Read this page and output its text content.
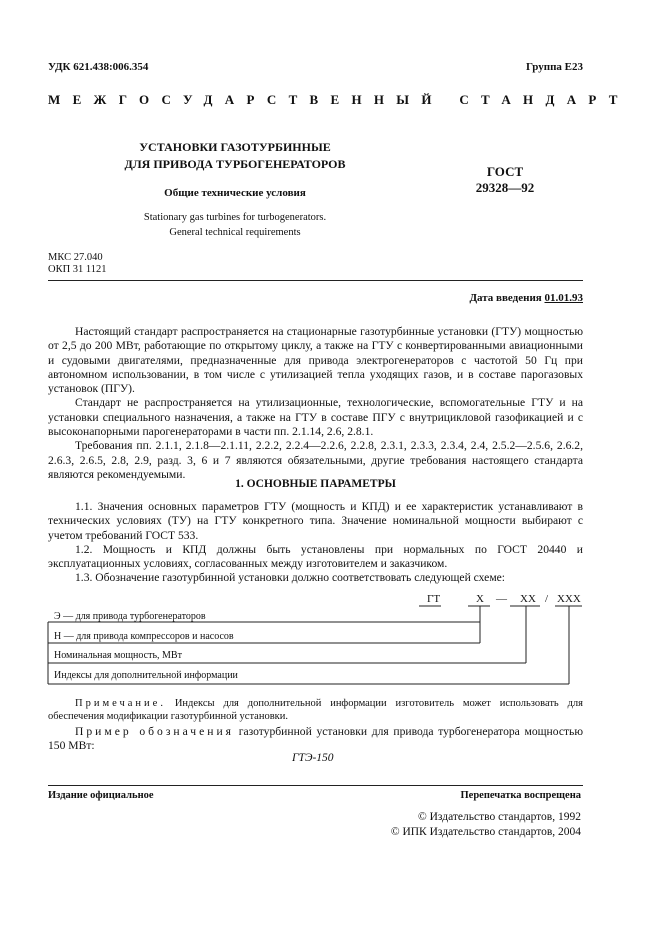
УДК 621.438:006.354	Группа Е23
МЕЖГОСУДАРСТВЕННЫЙ СТАНДАРТ
УСТАНОВКИ ГАЗОТУРБИННЫЕ
ДЛЯ ПРИВОДА ТУРБОГЕНЕРАТОРОВ
Общие технические условия
Stationary gas turbines for turbogenerators.
General technical requirements
ГОСТ
29328—92
МКС 27.040
ОКП 31 1121
Дата введения 01.01.93

Настоящий стандарт распространяется на стационарные газотурбинные установки (ГТУ) мощностью от 2,5 до 200 МВт, работающие по открытому циклу, а также на ГТУ с конвертированными авиационными и судовыми двигателями, предназначенные для привода электрогенераторов с частотой 50 Гц при автономном использовании, в том числе с утилизацией тепла уходящих газов, и в составе парогазовых установок (ПГУ).

Стандарт не распространяется на утилизационные, технологические, вспомогательные ГТУ и на установки специального назначения, а также на ГТУ в составе ПГУ с внутрицикловой газофикацией и с высоконапорными парогенераторами в части пп. 2.1.14, 2.6, 2.8.1.

Требования пп. 2.1.1, 2.1.8—2.1.11, 2.2.2, 2.2.4—2.2.6, 2.2.8, 2.3.1, 2.3.3, 2.3.4, 2.4, 2.5.2—2.5.6, 2.6.2, 2.6.3, 2.6.5, 2.8, 2.9, разд. 3, 6 и 7 являются обязательными, другие требования настоящего стандарта являются рекомендуемыми.

1. ОСНОВНЫЕ ПАРАМЕТРЫ

1.1. Значения основных параметров ГТУ (мощность и КПД) и ее характеристик устанавливают в технических условиях (ТУ) на ГТУ конкретного типа. Значение номинальной мощности выбирают с учетом требований ГОСТ 533.

1.2. Мощность и КПД должны быть установлены при нормальных по ГОСТ 20440 и эксплуатационных условиях, согласованных между изготовителем и заказчиком.

1.3. Обозначение газотурбинной установки должно соответствовать следующей схеме:

ГТ	Х — ХХ / ХХХ
Э — для привода турбогенераторов
Н — для привода компрессоров и насосов
Номинальная мощность, МВт
Индексы для дополнительной информации

Примечание. Индексы для дополнительной информации изготовитель может использовать для обеспечения модификации газотурбинной установки.

Пример обозначения газотурбинной установки для привода турбогенератора мощностью 150 МВт:

ГТЭ-150
Издание официальное	Перепечатка воспрещена
© Издательство стандартов, 1992
© ИПК Издательство стандартов, 2004
